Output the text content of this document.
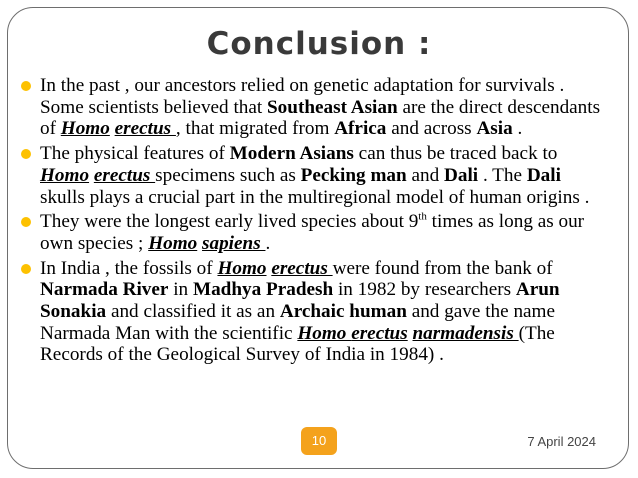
Conclusion :
In the past , our ancestors relied on genetic adaptation for survivals . Some scientists believed that Southeast Asian are the direct descendants of Homo erectus , that migrated from Africa and across Asia .
The physical features of Modern Asians can thus be traced back to Homo erectus specimens such as Pecking man and Dali . The Dali skulls plays a crucial part in the multiregional model of human origins .
They were the longest early lived species about 9th times as long as our own species ; Homo sapiens .
In India , the fossils of Homo erectus were found from the bank of Narmada River in Madhya Pradesh in 1982 by researchers Arun Sonakia and classified it as an Archaic human and gave the name Narmada Man with the scientific Homo erectus narmadensis (The Records of the Geological Survey of India in 1984) .
10	7 April 2024
